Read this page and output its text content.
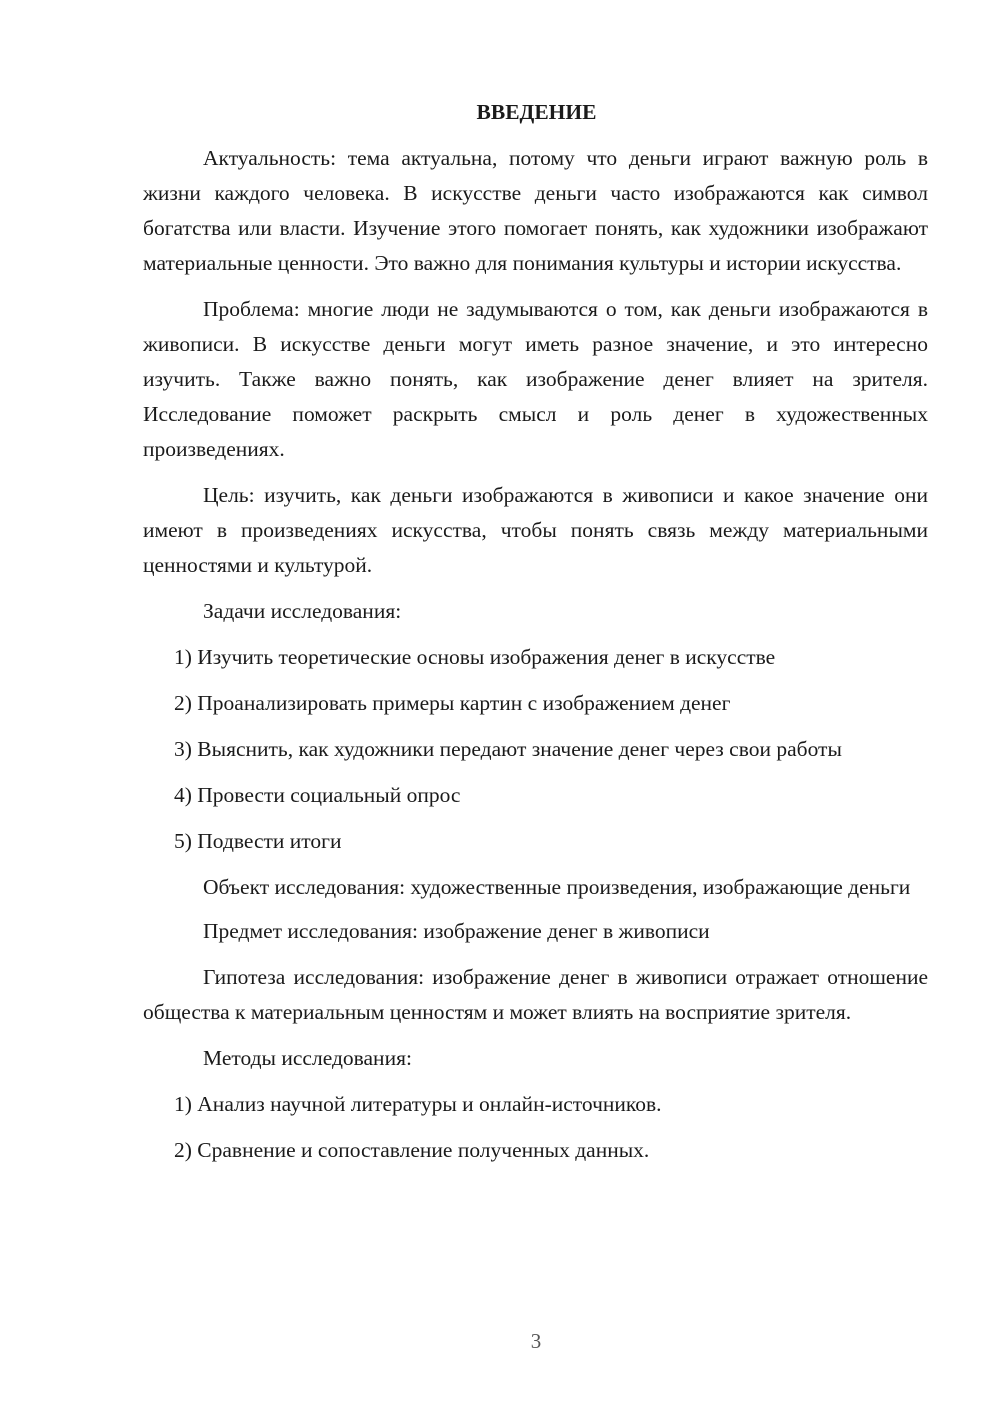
ВВЕДЕНИЕ

Актуальность: тема актуальна, потому что деньги играют важную роль в жизни каждого человека. В искусстве деньги часто изображаются как символ богатства или власти. Изучение этого помогает понять, как художники изображают материальные ценности. Это важно для понимания культуры и истории искусства.

Проблема: многие люди не задумываются о том, как деньги изображаются в живописи. В искусстве деньги могут иметь разное значение, и это интересно изучить. Также важно понять, как изображение денег влияет на зрителя. Исследование поможет раскрыть смысл и роль денег в художественных произведениях.

Цель: изучить, как деньги изображаются в живописи и какое значение они имеют в произведениях искусства, чтобы понять связь между материальными ценностями и культурой.

Задачи исследования:

1) Изучить теоретические основы изображения денег в искусстве

2) Проанализировать примеры картин с изображением денег

3) Выяснить, как художники передают значение денег через свои работы

4) Провести социальный опрос

5) Подвести итоги

Объект исследования: художественные произведения, изображающие деньги

Предмет исследования: изображение денег в живописи

Гипотеза исследования: изображение денег в живописи отражает отношение общества к материальным ценностям и может влиять на восприятие зрителя.

Методы исследования:

1) Анализ научной литературы и онлайн-источников.

2) Сравнение и сопоставление полученных данных.

3
